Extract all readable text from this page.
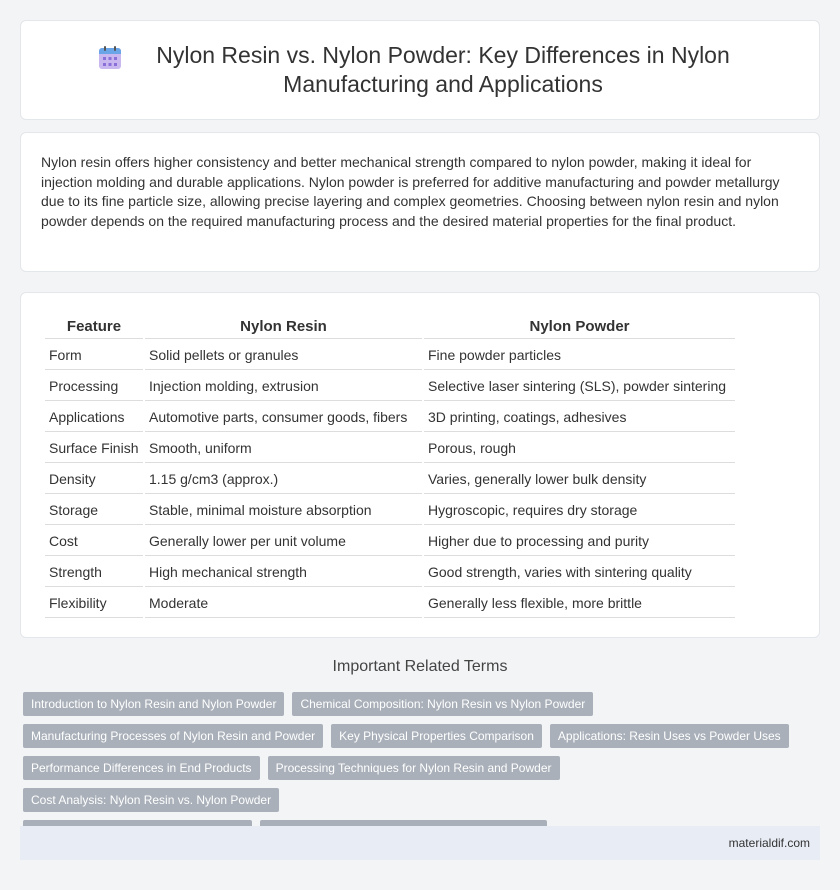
Nylon Resin vs. Nylon Powder: Key Differences in Nylon Manufacturing and Applications

Nylon resin offers higher consistency and better mechanical strength compared to nylon powder, making it ideal for injection molding and durable applications. Nylon powder is preferred for additive manufacturing and powder metallurgy due to its fine particle size, allowing precise layering and complex geometries. Choosing between nylon resin and nylon powder depends on the required manufacturing process and the desired material properties for the final product.

Feature	Nylon Resin	Nylon Powder
Form	Solid pellets or granules	Fine powder particles
Processing	Injection molding, extrusion	Selective laser sintering (SLS), powder sintering
Applications	Automotive parts, consumer goods, fibers	3D printing, coatings, adhesives
Surface Finish	Smooth, uniform	Porous, rough
Density	1.15 g/cm3 (approx.)	Varies, generally lower bulk density
Storage	Stable, minimal moisture absorption	Hygroscopic, requires dry storage
Cost	Generally lower per unit volume	Higher due to processing and purity
Strength	High mechanical strength	Good strength, varies with sintering quality
Flexibility	Moderate	Generally less flexible, more brittle
Important Related Terms
Introduction to Nylon Resin and Nylon Powder	Chemical Composition: Nylon Resin vs Nylon Powder
Manufacturing Processes of Nylon Resin and Powder	Key Physical Properties Comparison	Applications: Resin Uses vs Powder Uses
Performance Differences in End Products	Processing Techniques for Nylon Resin and Powder
Cost Analysis: Nylon Resin vs. Nylon Powder
materialdif.com
